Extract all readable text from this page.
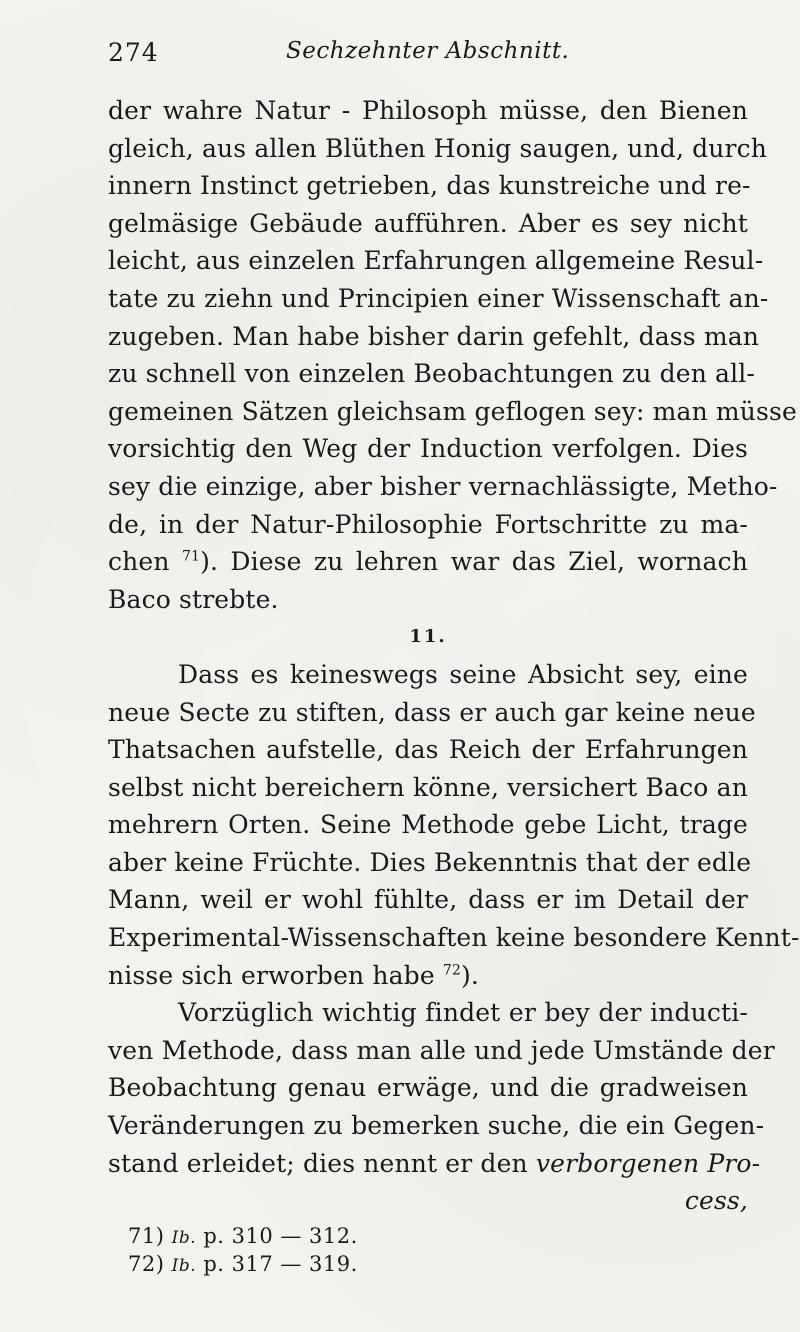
274	Sechzehnter Abschnitt.
der wahre Natur - Philosoph müsse, den Bienen
gleich, aus allen Blüthen Honig saugen, und, durch
innern Instinct getrieben, das kunstreiche und re-
gelmäsige Gebäude aufführen. Aber es sey nicht
leicht, aus einzelen Erfahrungen allgemeine Resul-
tate zu ziehn und Principien einer Wissenschaft an-
zugeben. Man habe bisher darin gefehlt, dass man
zu schnell von einzelen Beobachtungen zu den all-
gemeinen Sätzen gleichsam geflogen sey: man müsse
vorsichtig den Weg der Induction verfolgen. Dies
sey die einzige, aber bisher vernachlässigte, Metho-
de, in der Natur-Philosophie Fortschritte zu ma-
chen $^{71}$). Diese zu lehren war das Ziel, wornach
Baco strebte.
11.
Dass es keineswegs seine Absicht sey, eine
neue Secte zu stiften, dass er auch gar keine neue
Thatsachen aufstelle, das Reich der Erfahrungen
selbst nicht bereichern könne, versichert Baco an
mehrern Orten. Seine Methode gebe Licht, trage
aber keine Früchte. Dies Bekenntnis that der edle
Mann, weil er wohl fühlte, dass er im Detail der
Experimental-Wissenschaften keine besondere Kennt-
nisse sich erworben habe $^{72}$).
Vorzüglich wichtig findet er bey der inducti-
ven Methode, dass man alle und jede Umstände der
Beobachtung genau erwäge, und die gradweisen
Veränderungen zu bemerken suche, die ein Gegen-
stand erleidet; dies nennt er den verborgenen Pro-
cess,
71) Ib. p. 310 — 312.
72) Ib. p. 317 — 319.
